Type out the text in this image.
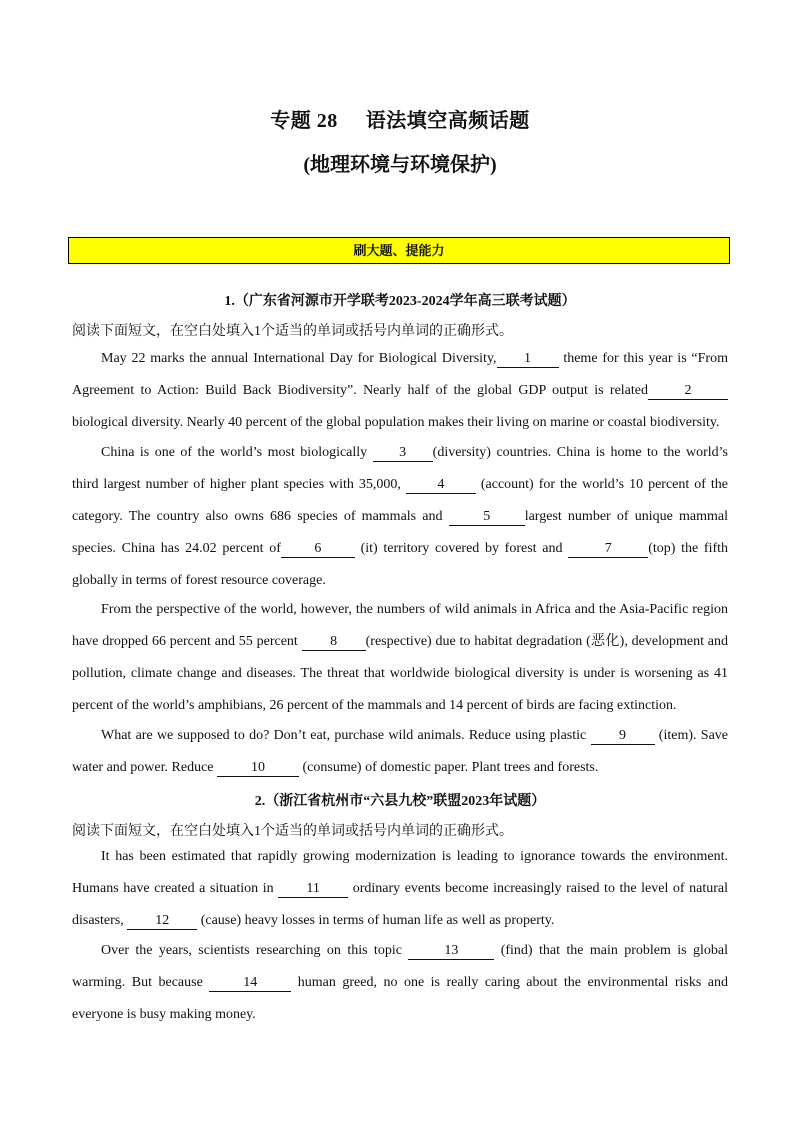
专题 28 语法填空高频话题
(地理环境与环境保护)
刷大题、提能力
1.（广东省河源市开学联考2023-2024学年高三联考试题）
阅读下面短文，在空白处填入1个适当的单词或括号内单词的正确形式。
May 22 marks the annual International Day for Biological Diversity, 1 theme for this year is “From Agreement to Action: Build Back Biodiversity”. Nearly half of the global GDP output is related	2 biological diversity. Nearly 40 percent of the global population makes their living on marine or coastal biodiversity.
China is one of the world’s most biologically 3 (diversity) countries. China is home to the world’s third largest number of higher plant species with 35,000, 4 (account) for the world’s 10 percent of the category. The country also owns 686 species of mammals and 5 largest number of unique mammal species. China has 24.02 percent of 6 (it) territory covered by forest and	7	(top) the fifth globally in terms of forest resource coverage.
From the perspective of the world, however, the numbers of wild animals in Africa and the Asia-Pacific region have dropped 66 percent and 55 percent 8 (respective) due to habitat degradation (恶化), development and pollution, climate change and diseases. The threat that worldwide biological diversity is under is worsening as 41 percent of the world’s amphibians, 26 percent of the mammals and 14 percent of birds are facing extinction.
What are we supposed to do? Don’t eat, purchase wild animals. Reduce using plastic 9 (item). Save water and power. Reduce 10 (consume) of domestic paper. Plant trees and forests.
2.（浙江省杭州市“六县九校”联盟2023年试题）
阅读下面短文，在空白处填入1个适当的单词或括号内单词的正确形式。
It has been estimated that rapidly growing modernization is leading to ignorance towards the environment. Humans have created a situation in 11 ordinary events become increasingly raised to the level of natural disasters, 12 (cause) heavy losses in terms of human life as well as property.
Over the years, scientists researching on this topic	13	(find) that the main problem is global warming. But because 14 human greed, no one is really caring about the environmental risks and everyone is busy making money.
